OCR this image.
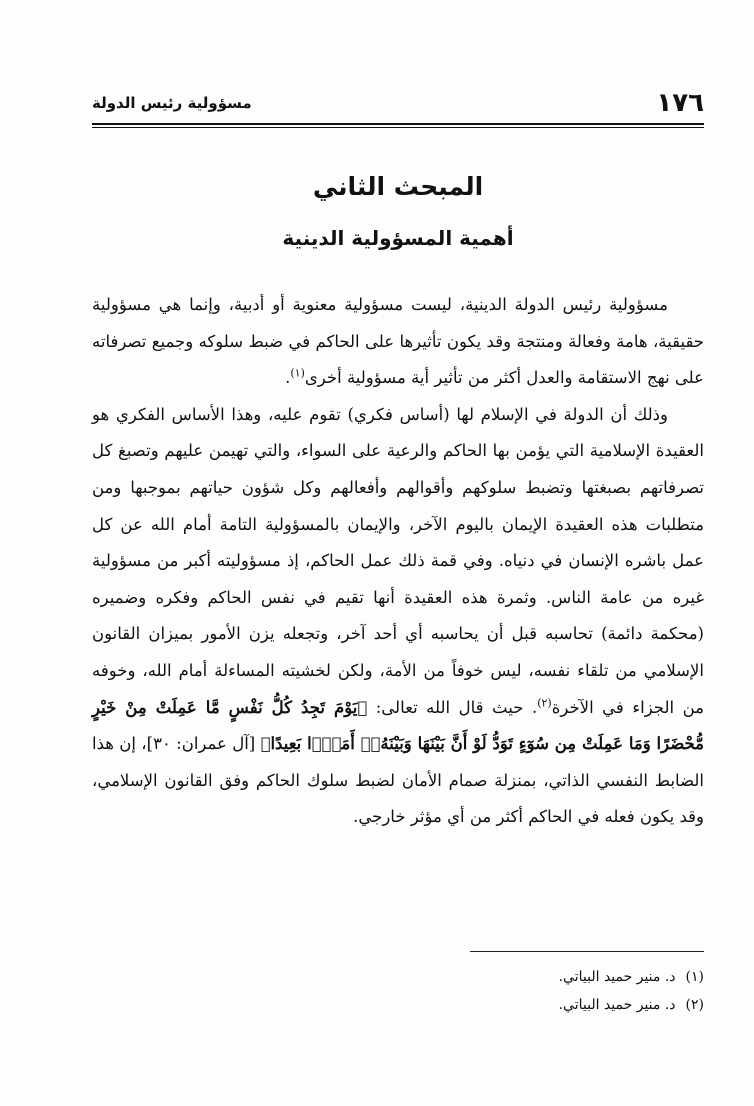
١٧٦
مسؤولية رئيس الدولة
المبحث الثاني
أهمية المسؤولية الدينية

مسؤولية رئيس الدولة الدينية، ليست مسؤولية معنوية أو أدبية، وإنما هي مسؤولية حقيقية، هامة وفعالة ومنتجة وقد يكون تأثيرها على الحاكم في ضبط سلوكه وجميع تصرفاته على نهج الاستقامة والعدل أكثر من تأثير أية مسؤولية أخرى$^{(١)}$.

وذلك أن الدولة في الإسلام لها (أساس فكري) تقوم عليه، وهذا الأساس الفكري هو العقيدة الإسلامية التي يؤمن بها الحاكم والرعية على السواء، والتي تهيمن عليهم وتصبغ كل تصرفاتهم بصبغتها وتضبط سلوكهم وأقوالهم وأفعالهم وكل شؤون حياتهم بموجبها ومن متطلبات هذه العقيدة الإيمان باليوم الآخر، والإيمان بالمسؤولية التامة أمام الله عن كل عمل باشره الإنسان في دنياه. وفي قمة ذلك عمل الحاكم، إذ مسؤوليته أكبر من مسؤولية غيره من عامة الناس. وثمرة هذه العقيدة أنها تقيم في نفس الحاكم وفكره وضميره (محكمة دائمة) تحاسبه قبل أن يحاسبه أي أحد آخر، وتجعله يزن الأمور بميزان القانون الإسلامي من تلقاء نفسه، ليس خوفاً من الأمة، ولكن لخشيته المساءلة أمام الله، وخوفه من الجزاء في الآخرة$^{(٢)}$. حيث قال الله تعالى: ﴿يَوْمَ تَجِدُ كُلُّ نَفْسٍ مَّا عَمِلَتْ مِنْ خَيْرٍ مُّحْضَرًا وَمَا عَمِلَتْ مِن سُوٓءٍ تَوَدُّ لَوْ أَنَّ بَيْنَهَا وَبَيْنَهُۥٓ أَمَدًۢا بَعِيدًا﴾ [آل عمران: ٣٠]، إن هذا الضابط النفسي الذاتي، بمنزلة صمام الأمان لضبط سلوك الحاكم وفق القانون الإسلامي، وقد يكون فعله في الحاكم أكثر من أي مؤثر خارجي.

(١)د. منير حميد البياتي.
(٢)د. منير حميد البياتي.
